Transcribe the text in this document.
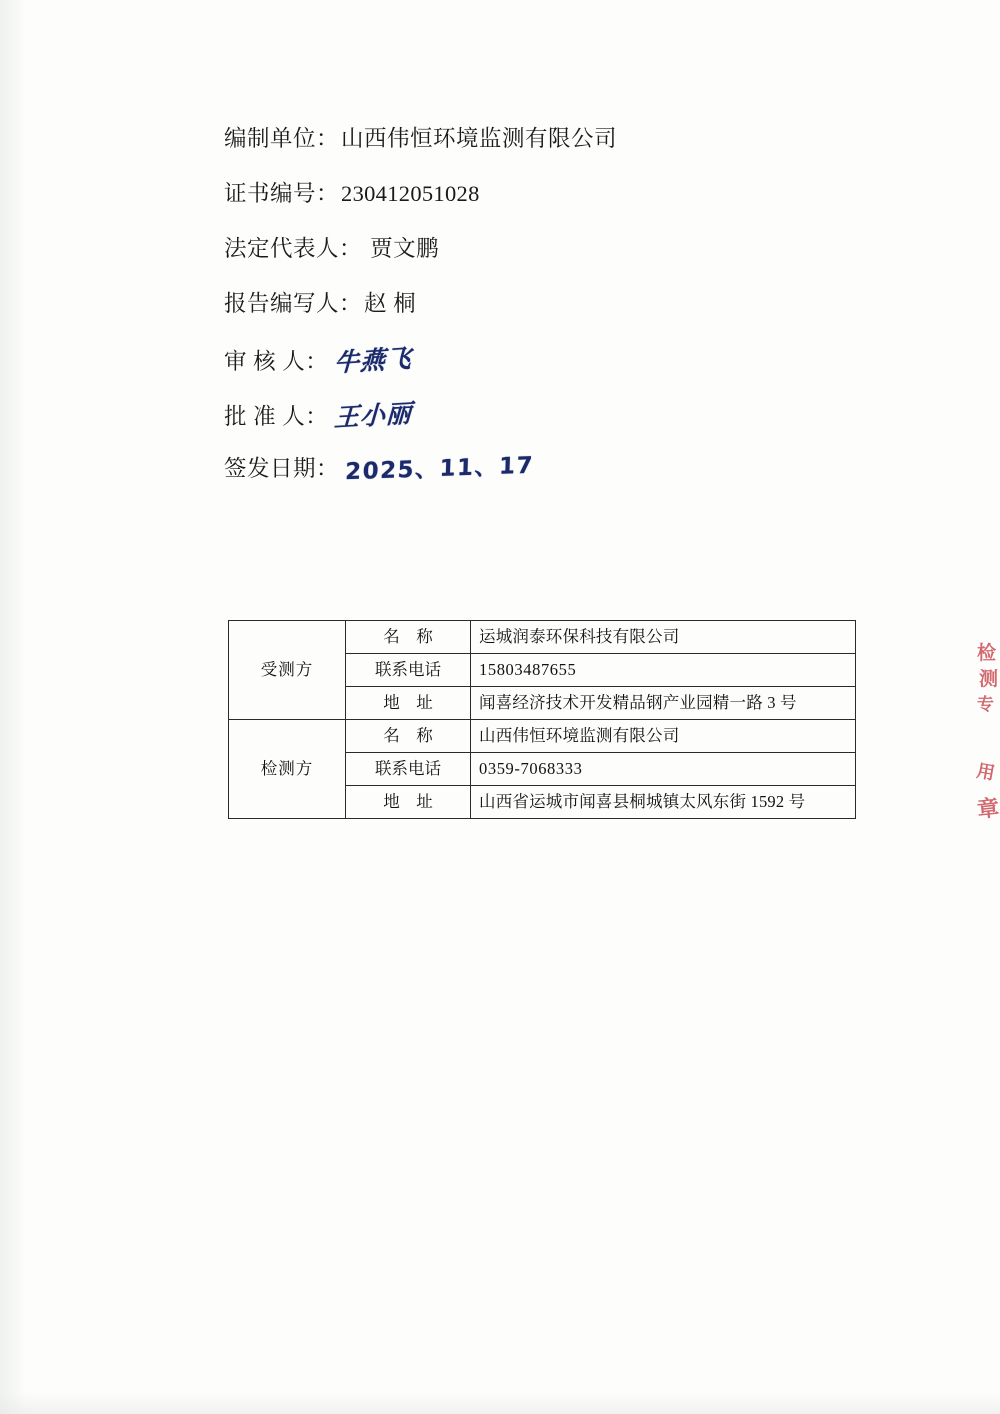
编制单位： 山西伟恒环境监测有限公司
证书编号： 230412051028
法定代表人： 贾文鹏
报告编写人： 赵 桐
审 核 人： 牛燕飞
批 准 人： 王小丽
签发日期： 2025、11、17
受测方	名    称	运城润泰环保科技有限公司
	联系电话	15803487655
	地    址	闻喜经济技术开发精品钢产业园精一路 3 号
检测方	名    称	山西伟恒环境监测有限公司
	联系电话	0359-7068333
	地    址	山西省运城市闻喜县桐城镇太风东街 1592 号
检
测
专
用
章
